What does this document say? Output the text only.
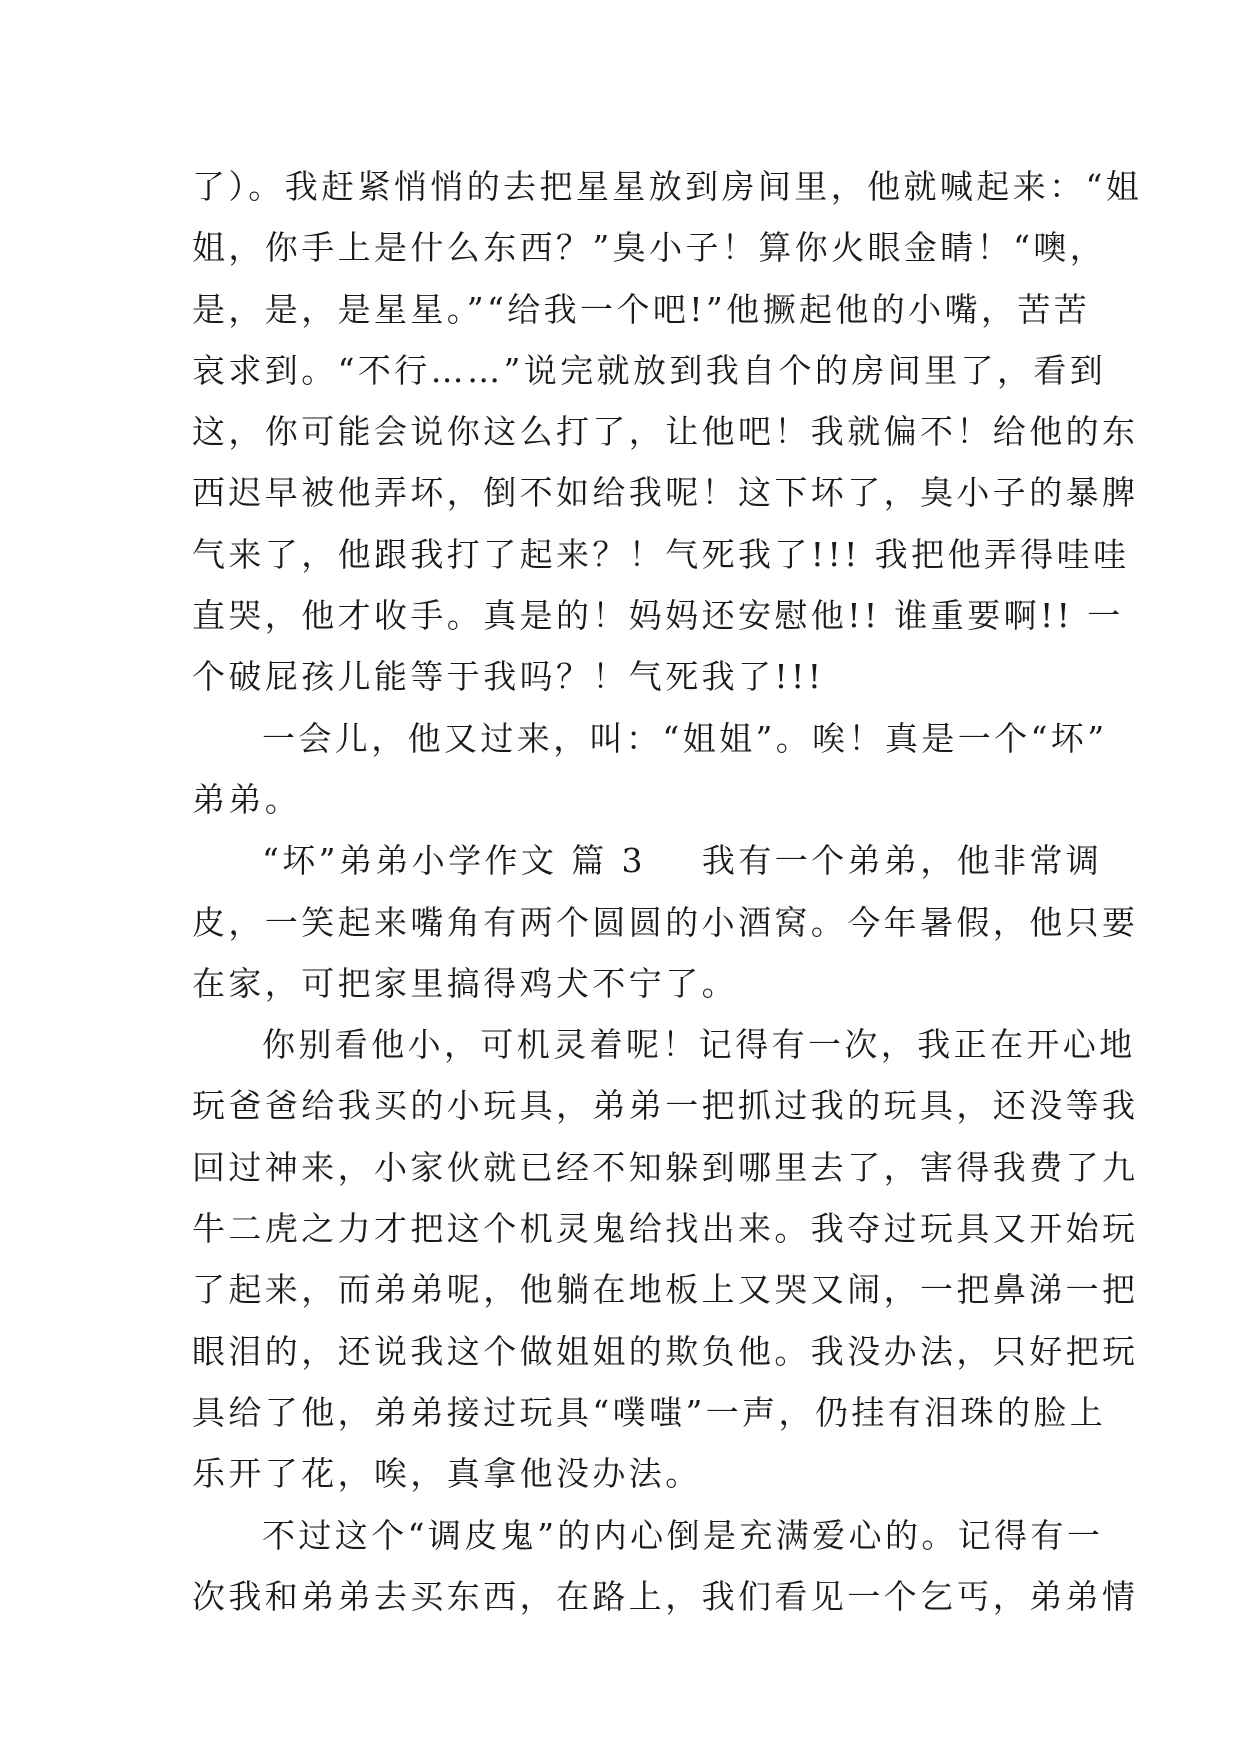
了）。我赶紧悄悄的去把星星放到房间里，他就喊起来：“姐
姐，你手上是什么东西？”臭小子！算你火眼金睛！“噢，
是，是，是星星。”“给我一个吧!”他撅起他的小嘴，苦苦
哀求到。“不行……”说完就放到我自个的房间里了，看到
这，你可能会说你这么打了，让他吧！我就偏不！给他的东
西迟早被他弄坏，倒不如给我呢！这下坏了，臭小子的暴脾
气来了，他跟我打了起来？！气死我了!!! 我把他弄得哇哇
直哭，他才收手。真是的！妈妈还安慰他!! 谁重要啊!! 一
个破屁孩儿能等于我吗？！气死我了!!!
一会儿，他又过来，叫：“姐姐”。唉！真是一个“坏”
弟弟。
“坏”弟弟小学作文 篇 3 我有一个弟弟，他非常调
皮，一笑起来嘴角有两个圆圆的小酒窝。今年暑假，他只要
在家，可把家里搞得鸡犬不宁了。
你别看他小，可机灵着呢！记得有一次，我正在开心地
玩爸爸给我买的小玩具，弟弟一把抓过我的玩具，还没等我
回过神来，小家伙就已经不知躲到哪里去了，害得我费了九
牛二虎之力才把这个机灵鬼给找出来。我夺过玩具又开始玩
了起来，而弟弟呢，他躺在地板上又哭又闹，一把鼻涕一把
眼泪的，还说我这个做姐姐的欺负他。我没办法，只好把玩
具给了他，弟弟接过玩具“噗嗤”一声，仍挂有泪珠的脸上
乐开了花，唉，真拿他没办法。
不过这个“调皮鬼”的内心倒是充满爱心的。记得有一
次我和弟弟去买东西，在路上，我们看见一个乞丐，弟弟情
